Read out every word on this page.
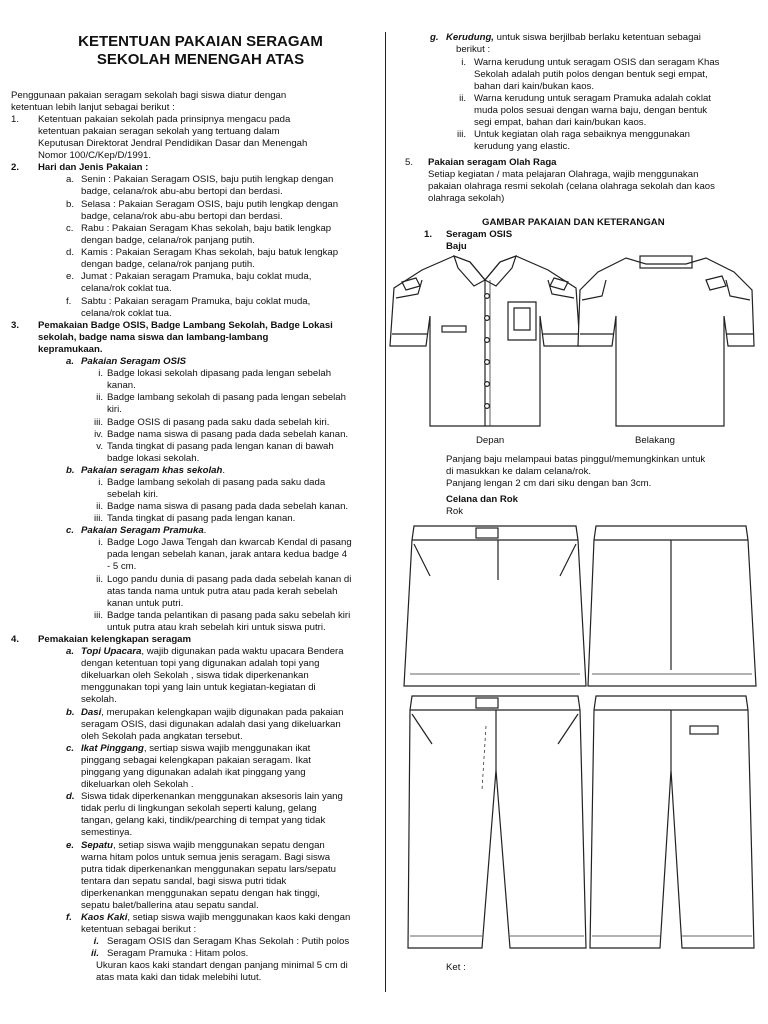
KETENTUAN PAKAIAN SERAGAM
SEKOLAH MENENGAH ATAS
Penggunaan pakaian seragam sekolah bagi siswa diatur dengan
ketentuan lebih lanjut sebagai berikut :
1. Ketentuan pakaian sekolah pada prinsipnya mengacu pada
ketentuan pakaian seragan sekolah yang tertuang dalam
Keputusan Direktorat Jendral Pendidikan Dasar dan Menengah
Nomor 100/C/Kep/D/1991.
2. Hari dan Jenis Pakaian :
a. Senin : Pakaian Seragam OSIS, baju putih lengkap dengan
badge, celana/rok abu-abu bertopi dan berdasi.
b. Selasa : Pakaian Seragam OSIS, baju putih lengkap dengan
badge, celana/rok abu-abu bertopi dan berdasi.
c. Rabu : Pakaian Seragam Khas sekolah, baju batik lengkap
dengan badge, celana/rok panjang putih.
d. Kamis : Pakaian Seragam Khas sekolah, baju batuk lengkap
dengan badge, celana/rok panjang putih.
e. Jumat : Pakaian seragam Pramuka, baju coklat muda,
celana/rok coklat tua.
f. Sabtu : Pakaian seragam Pramuka, baju coklat muda,
celana/rok coklat tua.
3. Pemakaian Badge OSIS, Badge Lambang Sekolah, Badge Lokasi
sekolah, badge nama siswa dan lambang-lambang
kepramukaan.
a. Pakaian Seragam OSIS
i. Badge lokasi sekolah dipasang pada lengan sebelah
kanan.
ii. Badge lambang sekolah di pasang pada lengan sebelah
kiri.
iii. Badge OSIS di pasang pada saku dada sebelah kiri.
iv. Badge nama siswa di pasang pada dada sebelah kanan.
v. Tanda tingkat di pasang pada lengan kanan di bawah
badge lokasi sekolah.
b. Pakaian seragam khas sekolah.
i. Badge lambang sekolah di pasang pada saku dada
sebelah kiri.
ii. Badge nama siswa di pasang pada dada sebelah kanan.
iii. Tanda tingkat di pasang pada lengan kanan.
c. Pakaian Seragam Pramuka.
i. Badge Logo Jawa Tengah dan kwarcab Kendal di pasang
pada lengan sebelah kanan, jarak antara kedua badge 4
- 5 cm.
ii. Logo pandu dunia di pasang pada dada sebelah kanan di
atas tanda nama untuk putra atau pada kerah sebelah
kanan untuk putri.
iii. Badge tanda pelantikan di pasang pada saku sebelah kiri
untuk putra atau krah sebelah kiri untuk siswa putri.
4. Pemakaian kelengkapan seragam
a. Topi Upacara, wajib digunakan pada waktu upacara Bendera
dengan ketentuan topi yang digunakan adalah topi yang
dikeluarkan oleh Sekolah , siswa tidak diperkenankan
menggunakan topi yang lain untuk kegiatan-kegiatan di
sekolah.
b. Dasi, merupakan kelengkapan wajib digunakan pada pakaian
seragam OSIS, dasi digunakan adalah dasi yang dikeluarkan
oleh Sekolah pada angkatan tersebut.
c. Ikat Pinggang, sertiap siswa wajib menggunakan ikat
pinggang sebagai kelengkapan pakaian seragam. Ikat
pinggang yang digunakan adalah ikat pinggang yang
dikeluarkan oleh Sekolah .
d. Siswa tidak diperkenankan menggunakan aksesoris lain yang
tidak perlu di lingkungan sekolah seperti kalung, gelang
tangan, gelang kaki, tindik/pearching di tempat yang tidak
semestinya.
e. Sepatu, setiap siswa wajib menggunakan sepatu dengan
warna hitam polos untuk semua jenis seragam. Bagi siswa
putra tidak diperkenankan menggunakan sepatu lars/sepatu
tentara dan sepatu sandal, bagi siswa putri tidak
diperkenankan menggunakan sepatu dengan hak tinggi,
sepatu balet/ballerina atau sepatu sandal.
f. Kaos Kaki, setiap siswa wajib menggunakan kaos kaki dengan
ketentuan sebagai berikut :
i. Seragam OSIS dan Seragam Khas Sekolah : Putih polos
ii. Seragam Pramuka : Hitam polos.
Ukuran kaos kaki standart dengan panjang minimal 5 cm di
atas mata kaki dan tidak melebihi lutut.
g. Kerudung, untuk siswa berjilbab berlaku ketentuan sebagai
berikut :
i. Warna kerudung untuk seragam OSIS dan seragam Khas
Sekolah adalah putih polos dengan bentuk segi empat,
bahan dari kain/bukan kaos.
ii. Warna kerudung untuk seragam Pramuka adalah coklat
muda polos sesuai dengan warna baju, dengan bentuk
segi empat, bahan dari kain/bukan kaos.
iii. Untuk kegiatan olah raga sebaiknya menggunakan
kerudung yang elastic.
5. Pakaian seragam Olah Raga
Setiap kegiatan / mata pelajaran Olahraga, wajib menggunakan
pakaian olahraga resmi sekolah (celana olahraga sekolah dan kaos
olahraga sekolah)
GAMBAR PAKAIAN DAN KETERANGAN
1. Seragam OSIS
Baju
Depan	Belakang
Panjang baju melampaui batas pinggul/memungkinkan untuk
di masukkan ke dalam celana/rok.
Panjang lengan 2 cm dari siku dengan ban 3cm.
Celana dan Rok
Rok
Ket :
